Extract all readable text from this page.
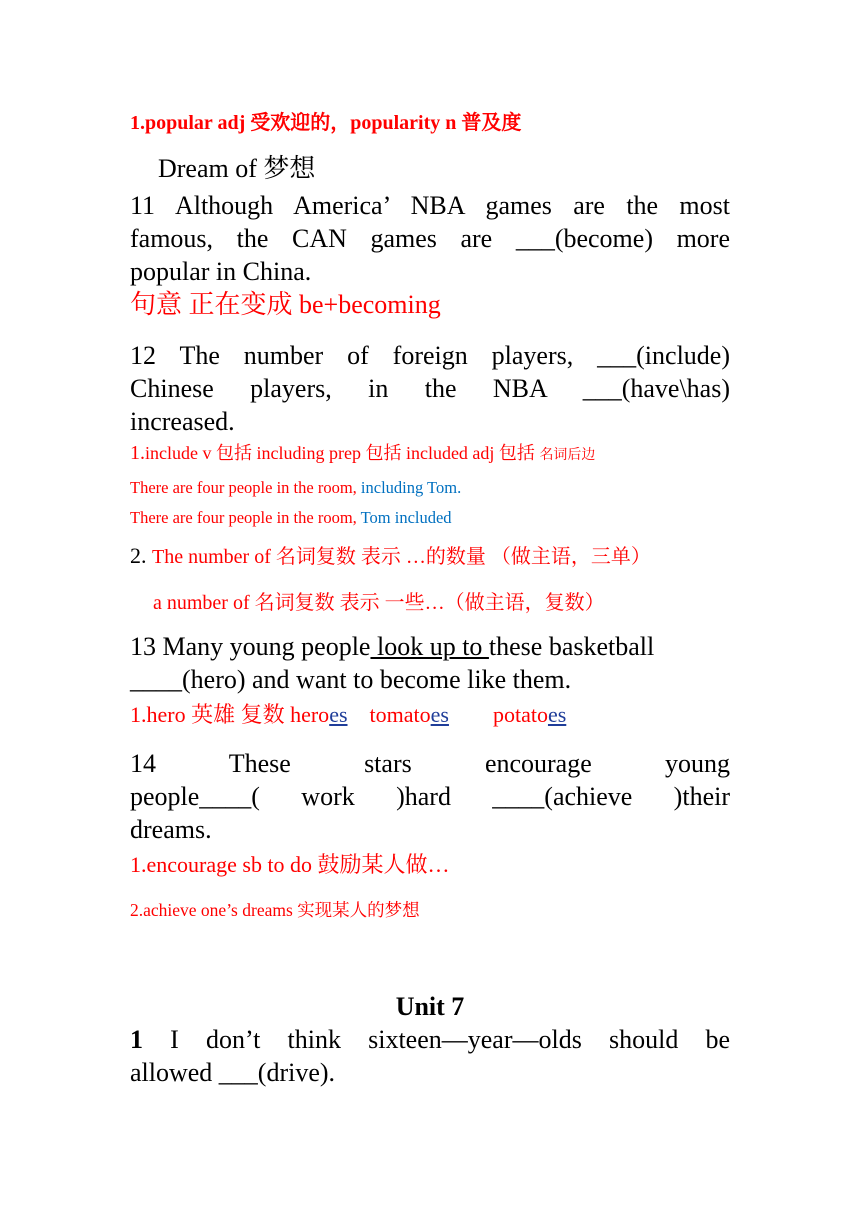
1.popular adj 受欢迎的，popularity n 普及度
Dream of 梦想
11 Although America’ NBA games are the most
famous, the CAN games are ___(become) more
popular in China.
句意 正在变成 be+becoming
12 The number of foreign players, ___(include)
Chinese players, in the NBA ___(have\has)
increased.
1.include v 包括 including prep 包括 included adj 包括 名词后边
There are four people in the room, including Tom.
There are four people in the room, Tom included
2. The number of 名词复数 表示 …的数量 （做主语，三单）
a number of 名词复数 表示 一些…（做主语，复数）
13 Many young people look up to these basketball
____(hero) and want to become like them.
1.hero 英雄 复数 heroes tomatoes potatoes
14 These stars encourage young
people____( work )hard ____(achieve )their
dreams.
1.encourage sb to do 鼓励某人做…
2.achieve one’s dreams 实现某人的梦想
Unit 7
1 I don’t think sixteen—year—olds should be
allowed ___(drive).
